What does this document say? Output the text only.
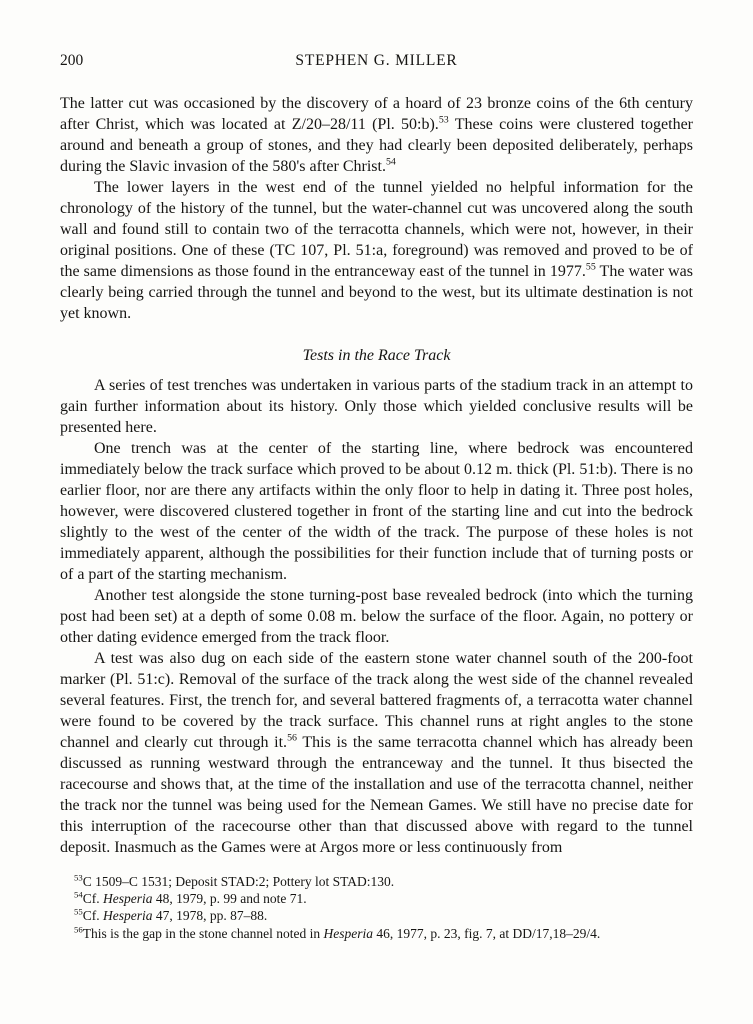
200	STEPHEN G. MILLER

The latter cut was occasioned by the discovery of a hoard of 23 bronze coins of the 6th century after Christ, which was located at Z/20–28/11 (Pl. 50:b).$^{53}$ These coins were clustered together around and beneath a group of stones, and they had clearly been deposited deliberately, perhaps during the Slavic invasion of the 580's after Christ.$^{54}$

The lower layers in the west end of the tunnel yielded no helpful information for the chronology of the history of the tunnel, but the water-channel cut was uncovered along the south wall and found still to contain two of the terracotta channels, which were not, however, in their original positions. One of these (TC 107, Pl. 51:a, foreground) was removed and proved to be of the same dimensions as those found in the entranceway east of the tunnel in 1977.55 The water was clearly being carried through the tunnel and beyond to the west, but its ultimate destination is not yet known.

Tests in the Race Track

A series of test trenches was undertaken in various parts of the stadium track in an attempt to gain further information about its history. Only those which yielded conclusive results will be presented here.

One trench was at the center of the starting line, where bedrock was encountered immediately below the track surface which proved to be about 0.12 m. thick (Pl. 51:b). There is no earlier floor, nor are there any artifacts within the only floor to help in dating it. Three post holes, however, were discovered clustered together in front of the starting line and cut into the bedrock slightly to the west of the center of the width of the track. The purpose of these holes is not immediately apparent, although the possibilities for their function include that of turning posts or of a part of the starting mechanism.

Another test alongside the stone turning-post base revealed bedrock (into which the turning post had been set) at a depth of some 0.08 m. below the surface of the floor. Again, no pottery or other dating evidence emerged from the track floor.

A test was also dug on each side of the eastern stone water channel south of the 200-foot marker (Pl. 51:c). Removal of the surface of the track along the west side of the channel revealed several features. First, the trench for, and several battered fragments of, a terracotta water channel were found to be covered by the track surface. This channel runs at right angles to the stone channel and clearly cut through it.$^{56}$ This is the same terracotta channel which has already been discussed as running westward through the entranceway and the tunnel. It thus bisected the racecourse and shows that, at the time of the installation and use of the terracotta channel, neither the track nor the tunnel was being used for the Nemean Games. We still have no precise date for this interruption of the racecourse other than that discussed above with regard to the tunnel deposit. Inasmuch as the Games were at Argos more or less continuously from

$^{53}$C 1509–C 1531; Deposit STAD:2; Pottery lot STAD:130.

$^{54}$Cf. Hesperia 48, 1979, p. 99 and note 71.

$^{55}$Cf. Hesperia 47, 1978, pp. 87–88.

$^{56}$This is the gap in the stone channel noted in Hesperia 46, 1977, p. 23, fig. 7, at DD/17,18–29/4.
